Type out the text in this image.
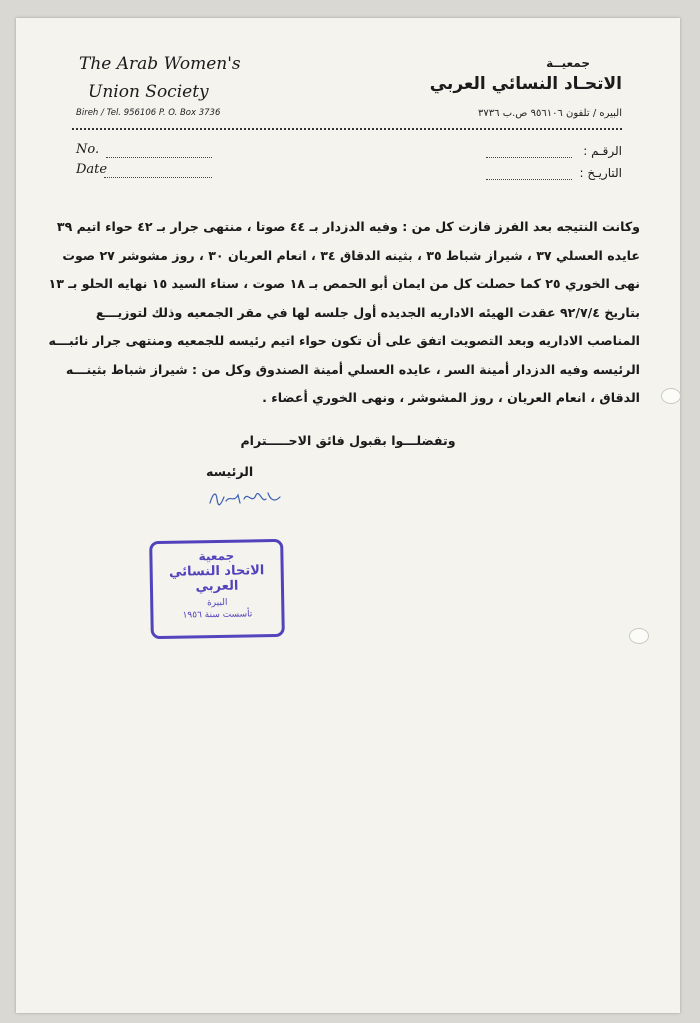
The Arab Women's
Union Society
Bireh / Tel. 956106 P. O. Box 3736
جمعيــة
الاتحـاد النسائي العربي
البيره / تلفون ٩٥٦١٠٦ ص.ب ٣٧٣٦
No.
Date
الرقـم :
التاريـخ :

وكانت النتيجه بعد الفرز فازت كل من : وفيه الدزدار بـ ٤٤ صوتا ، منتهى جرار بـ ٤٢ حواء اتيم ٣٩

عايده العسلي ٣٧ ، شيراز شباط ٣٥ ، بثينه الدقاق ٣٤ ، انعام العريان ٣٠ ، روز مشوشر ٢٧ صوت

نهى الخوري ٢٥ كما حصلت كل من ايمان أبو الحمص بـ ١٨ صوت ، سناء السيد ١٥ نهايه الحلو بـ ١٣

بتاريخ ٩٢/٧/٤ عقدت الهيئه الاداريه الجديده أول جلسه لها في مقر الجمعيه وذلك لتوزيـــع

المناصب الاداريه وبعد التصويت اتفق على أن تكون حواء اتيم رئيسه للجمعيه ومنتهى جرار نائبـــه

الرئيسه وفيه الدزدار أمينة السر ، عايده العسلي أمينة الصندوق وكل من : شيراز شباط بثينـــه

الدقاق ، انعام العريان ، روز المشوشر ، ونهى الخوري أعضاء .

وتفضلـــوا بقبول فائق الاحـــــترام
الرئيسه
جمعية
الاتحاد النسائي العربي
البيرة
تأسست سنة ١٩٥٦
